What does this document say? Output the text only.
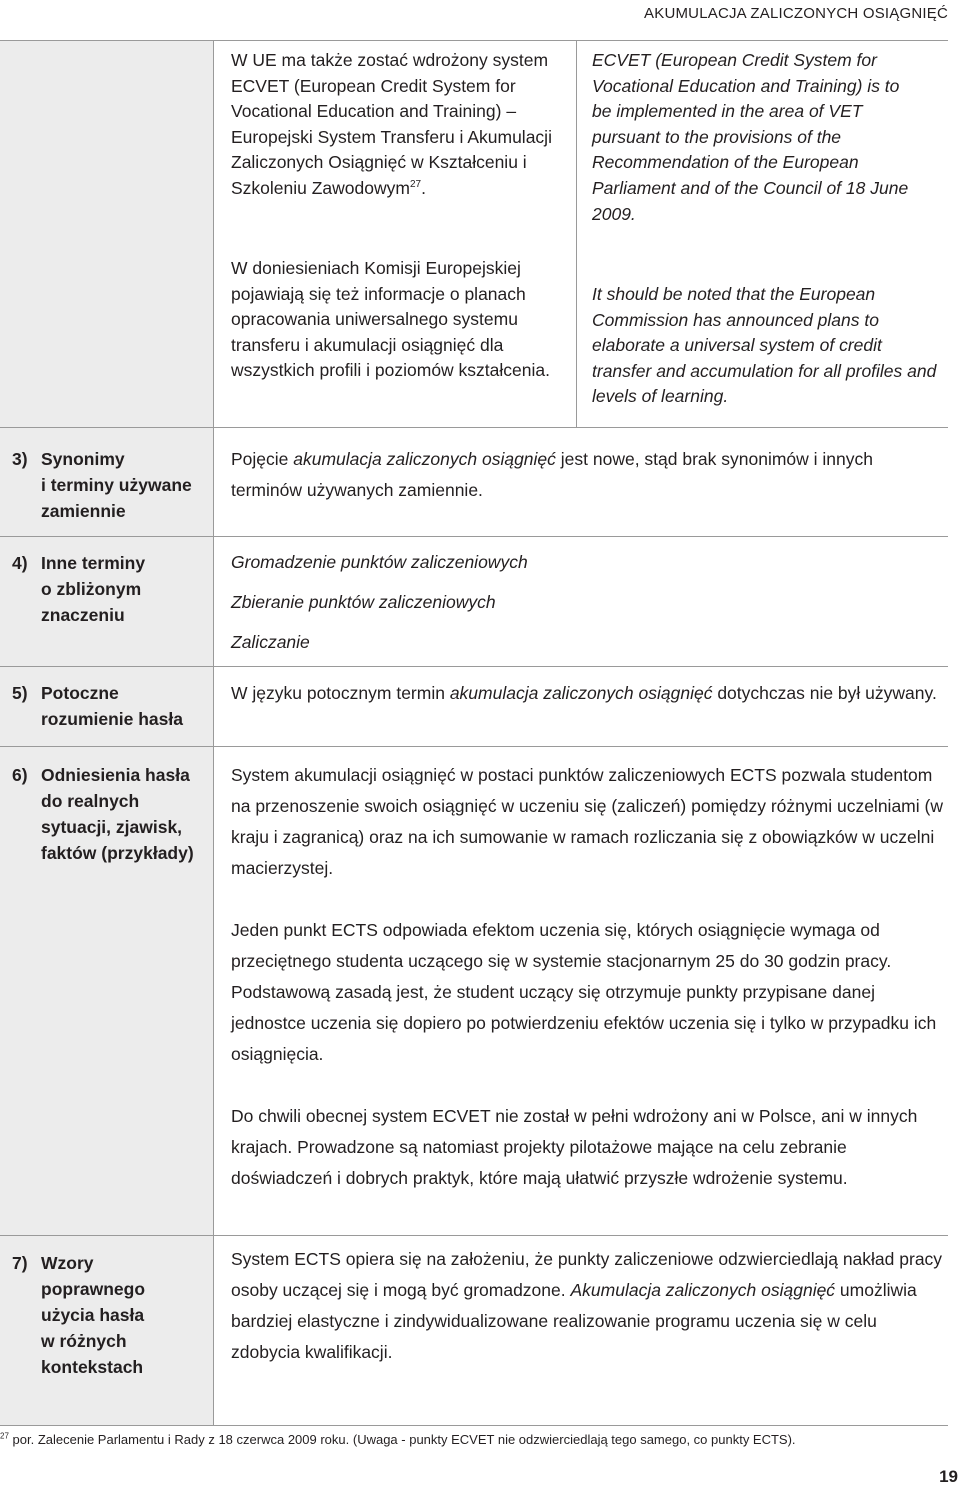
AKUMULACJA ZALICZONYCH OSIĄGNIĘĆ
W UE ma także zostać wdrożony system ECVET (European Credit System for Vocational Education and Training) – Europejski System Transferu i Akumulacji Zaliczonych Osiągnięć w Kształceniu i Szkoleniu Zawodowym$^{27}$.
ECVET (European Credit System for Vocational Education and Training) is to be implemented in the area of VET pursuant to the provisions of the Recommendation of the European Parliament and of the Council of 18 June 2009.
W doniesieniach Komisji Europejskiej pojawiają się też informacje o planach opracowania uniwersalnego systemu transferu i akumulacji osiągnięć dla wszystkich profili i poziomów kształcenia.
It should be noted that the European Commission has announced plans to elaborate a universal system of credit transfer and accumulation for all profiles and levels of learning.
3) Synonimy
i terminy używane
zamiennie
Pojęcie akumulacja zaliczonych osiągnięć jest nowe, stąd brak synonimów i innych terminów używanych zamiennie.
4) Inne terminy
o zbliżonym
znaczeniu
Gromadzenie punktów zaliczeniowych
Zbieranie punktów zaliczeniowych
Zaliczanie
5) Potoczne
rozumienie hasła
W języku potocznym termin akumulacja zaliczonych osiągnięć dotychczas nie był używany.
6) Odniesienia hasła
do realnych
sytuacji, zjawisk,
faktów (przykłady)
System akumulacji osiągnięć w postaci punktów zaliczeniowych ECTS pozwala studentom na przenoszenie swoich osiągnięć w uczeniu się (zaliczeń) pomiędzy różnymi uczelniami (w kraju i zagranicą) oraz na ich sumowanie w ramach rozliczania się z obowiązków w uczelni macierzystej.
Jeden punkt ECTS odpowiada efektom uczenia się, których osiągnięcie wymaga od przeciętnego studenta uczącego się w systemie stacjonarnym 25 do 30 godzin pracy. Podstawową zasadą jest, że student uczący się otrzymuje punkty przypisane danej jednostce uczenia się dopiero po potwierdzeniu efektów uczenia się i tylko w przypadku ich osiągnięcia.
Do chwili obecnej system ECVET nie został w pełni wdrożony ani w Polsce, ani w innych krajach. Prowadzone są natomiast projekty pilotażowe mające na celu zebranie doświadczeń i dobrych praktyk, które mają ułatwić przyszłe wdrożenie systemu.
7) Wzory
poprawnego
użycia hasła
w różnych
kontekstach
System ECTS opiera się na założeniu, że punkty zaliczeniowe odzwierciedlają nakład pracy osoby uczącej się i mogą być gromadzone. Akumulacja zaliczonych osiągnięć umożliwia bardziej elastyczne i zindywidualizowane realizowanie programu uczenia się w celu zdobycia kwalifikacji.
$^{27}$ por. Zalecenie Parlamentu i Rady z 18 czerwca 2009 roku. (Uwaga - punkty ECVET nie odzwierciedlają tego samego, co punkty ECTS).
19
